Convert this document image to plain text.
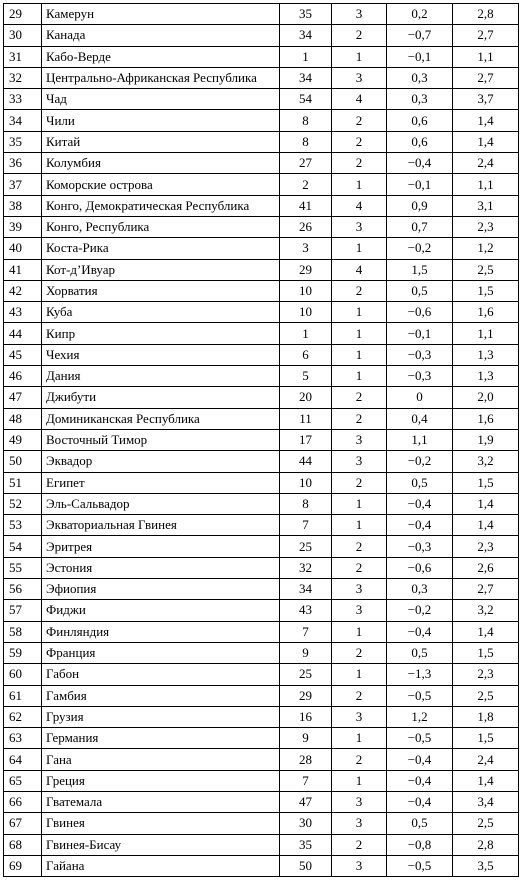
29	Камерун	35	3	0,2	2,8
30	Канада	34	2	−0,7	2,7
31	Кабо-Верде	1	1	−0,1	1,1
32	Центрально-Африканская Республика	34	3	0,3	2,7
33	Чад	54	4	0,3	3,7
34	Чили	8	2	0,6	1,4
35	Китай	8	2	0,6	1,4
36	Колумбия	27	2	−0,4	2,4
37	Коморские острова	2	1	−0,1	1,1
38	Конго, Демократическая Республика	41	4	0,9	3,1
39	Конго, Республика	26	3	0,7	2,3
40	Коста-Рика	3	1	−0,2	1,2
41	Кот-д’Ивуар	29	4	1,5	2,5
42	Хорватия	10	2	0,5	1,5
43	Куба	10	1	−0,6	1,6
44	Кипр	1	1	−0,1	1,1
45	Чехия	6	1	−0,3	1,3
46	Дания	5	1	−0,3	1,3
47	Джибути	20	2	0	2,0
48	Доминиканская Республика	11	2	0,4	1,6
49	Восточный Тимор	17	3	1,1	1,9
50	Эквадор	44	3	−0,2	3,2
51	Египет	10	2	0,5	1,5
52	Эль-Сальвадор	8	1	−0,4	1,4
53	Экваториальная Гвинея	7	1	−0,4	1,4
54	Эритрея	25	2	−0,3	2,3
55	Эстония	32	2	−0,6	2,6
56	Эфиопия	34	3	0,3	2,7
57	Фиджи	43	3	−0,2	3,2
58	Финляндия	7	1	−0,4	1,4
59	Франция	9	2	0,5	1,5
60	Габон	25	1	−1,3	2,3
61	Гамбия	29	2	−0,5	2,5
62	Грузия	16	3	1,2	1,8
63	Германия	9	1	−0,5	1,5
64	Гана	28	2	−0,4	2,4
65	Греция	7	1	−0,4	1,4
66	Гватемала	47	3	−0,4	3,4
67	Гвинея	30	3	0,5	2,5
68	Гвинея-Бисау	35	2	−0,8	2,8
69	Гайана	50	3	−0,5	3,5
